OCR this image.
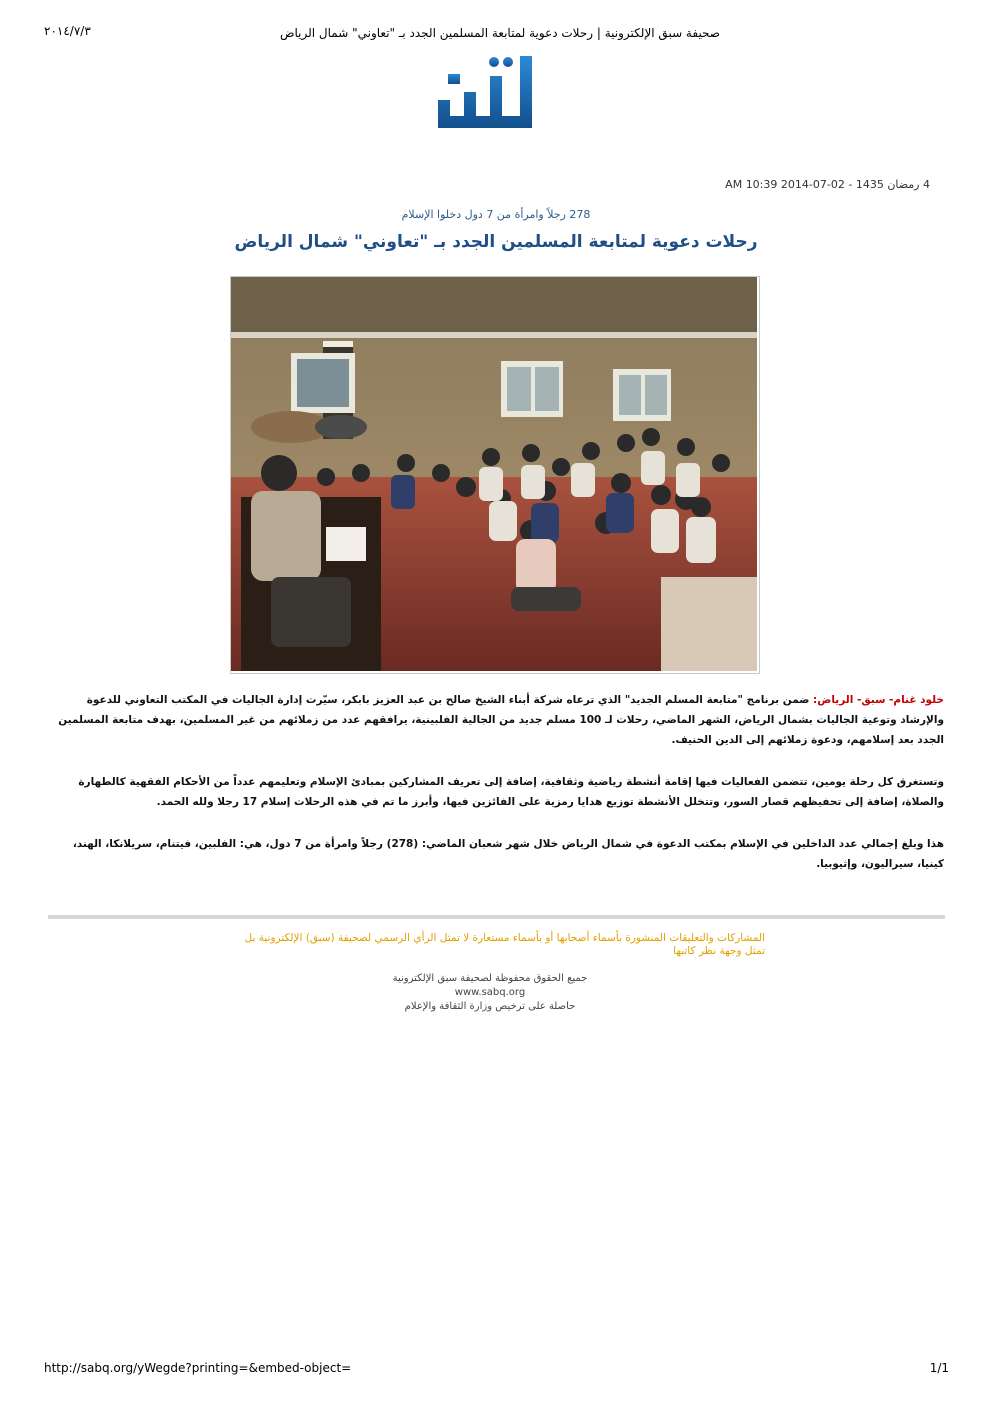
٢٠١٤/٧/٣	صحيفة سبق الإلكترونية | رحلات دعوية لمتابعة المسلمين الجدد بـ "تعاوني" شمال الرياض
4 رمضان 1435 - 02-07-2014 10:39 AM
278 رجلاً وامرأة من 7 دول دخلوا الإسلام
رحلات دعوية لمتابعة المسلمين الجدد بـ "تعاوني" شمال الرياض

خلود غنام- سبق- الرياض: ضمن برنامج "متابعة المسلم الجديد" الذي ترعاه شركة أبناء الشيخ صالح بن عبد العزيز بابكر، سيّرت إدارة الجاليات في المكتب التعاوني للدعوة والإرشاد وتوعية الجاليات بشمال الرياض، الشهر الماضي، رحلات لـ 100 مسلم جديد من الجالية الفلبينية، يرافقهم عدد من زملائهم من غير المسلمين، بهدف متابعة المسلمين الجدد بعد إسلامهم، ودعوة زملائهم إلى الدين الحنيف.

وتستغرق كل رحلة يومين، تتضمن الفعاليات فيها إقامة أنشطة رياضية وثقافية، إضافة إلى تعريف المشاركين بمبادئ الإسلام وتعليمهم عدداً من الأحكام الفقهية كالطهارة والصلاة، إضافة إلى تحفيظهم قصار السور، وتتخلل الأنشطة توزيع هدايا رمزية على الفائزين فيها، وأبرز ما تم في هذه الرحلات إسلام 17 رجلا ولله الحمد.

هذا وبلغ إجمالي عدد الداخلين في الإسلام بمكتب الدعوة في شمال الرياض خلال شهر شعبان الماضي: (278) رجلاً وامرأة من 7 دول، هي: الفلبين، فيتنام، سريلانكا، الهند، كينيا، سيراليون، وإثيوبيا.

المشاركات والتعليقات المنشورة بأسماء أصحابها أو بأسماء مستعارة لا تمثل الرأي الرسمي لصحيفة (سبق) الإلكترونية بل تمثل وجهة نظر كاتبها
جميع الحقوق محفوظة لصحيفة سبق الإلكترونية
www.sabq.org
حاصلة على ترخيص وزارة الثقافة والإعلام
http://sabq.org/yWegde?printing=&embed-object=	1/1
